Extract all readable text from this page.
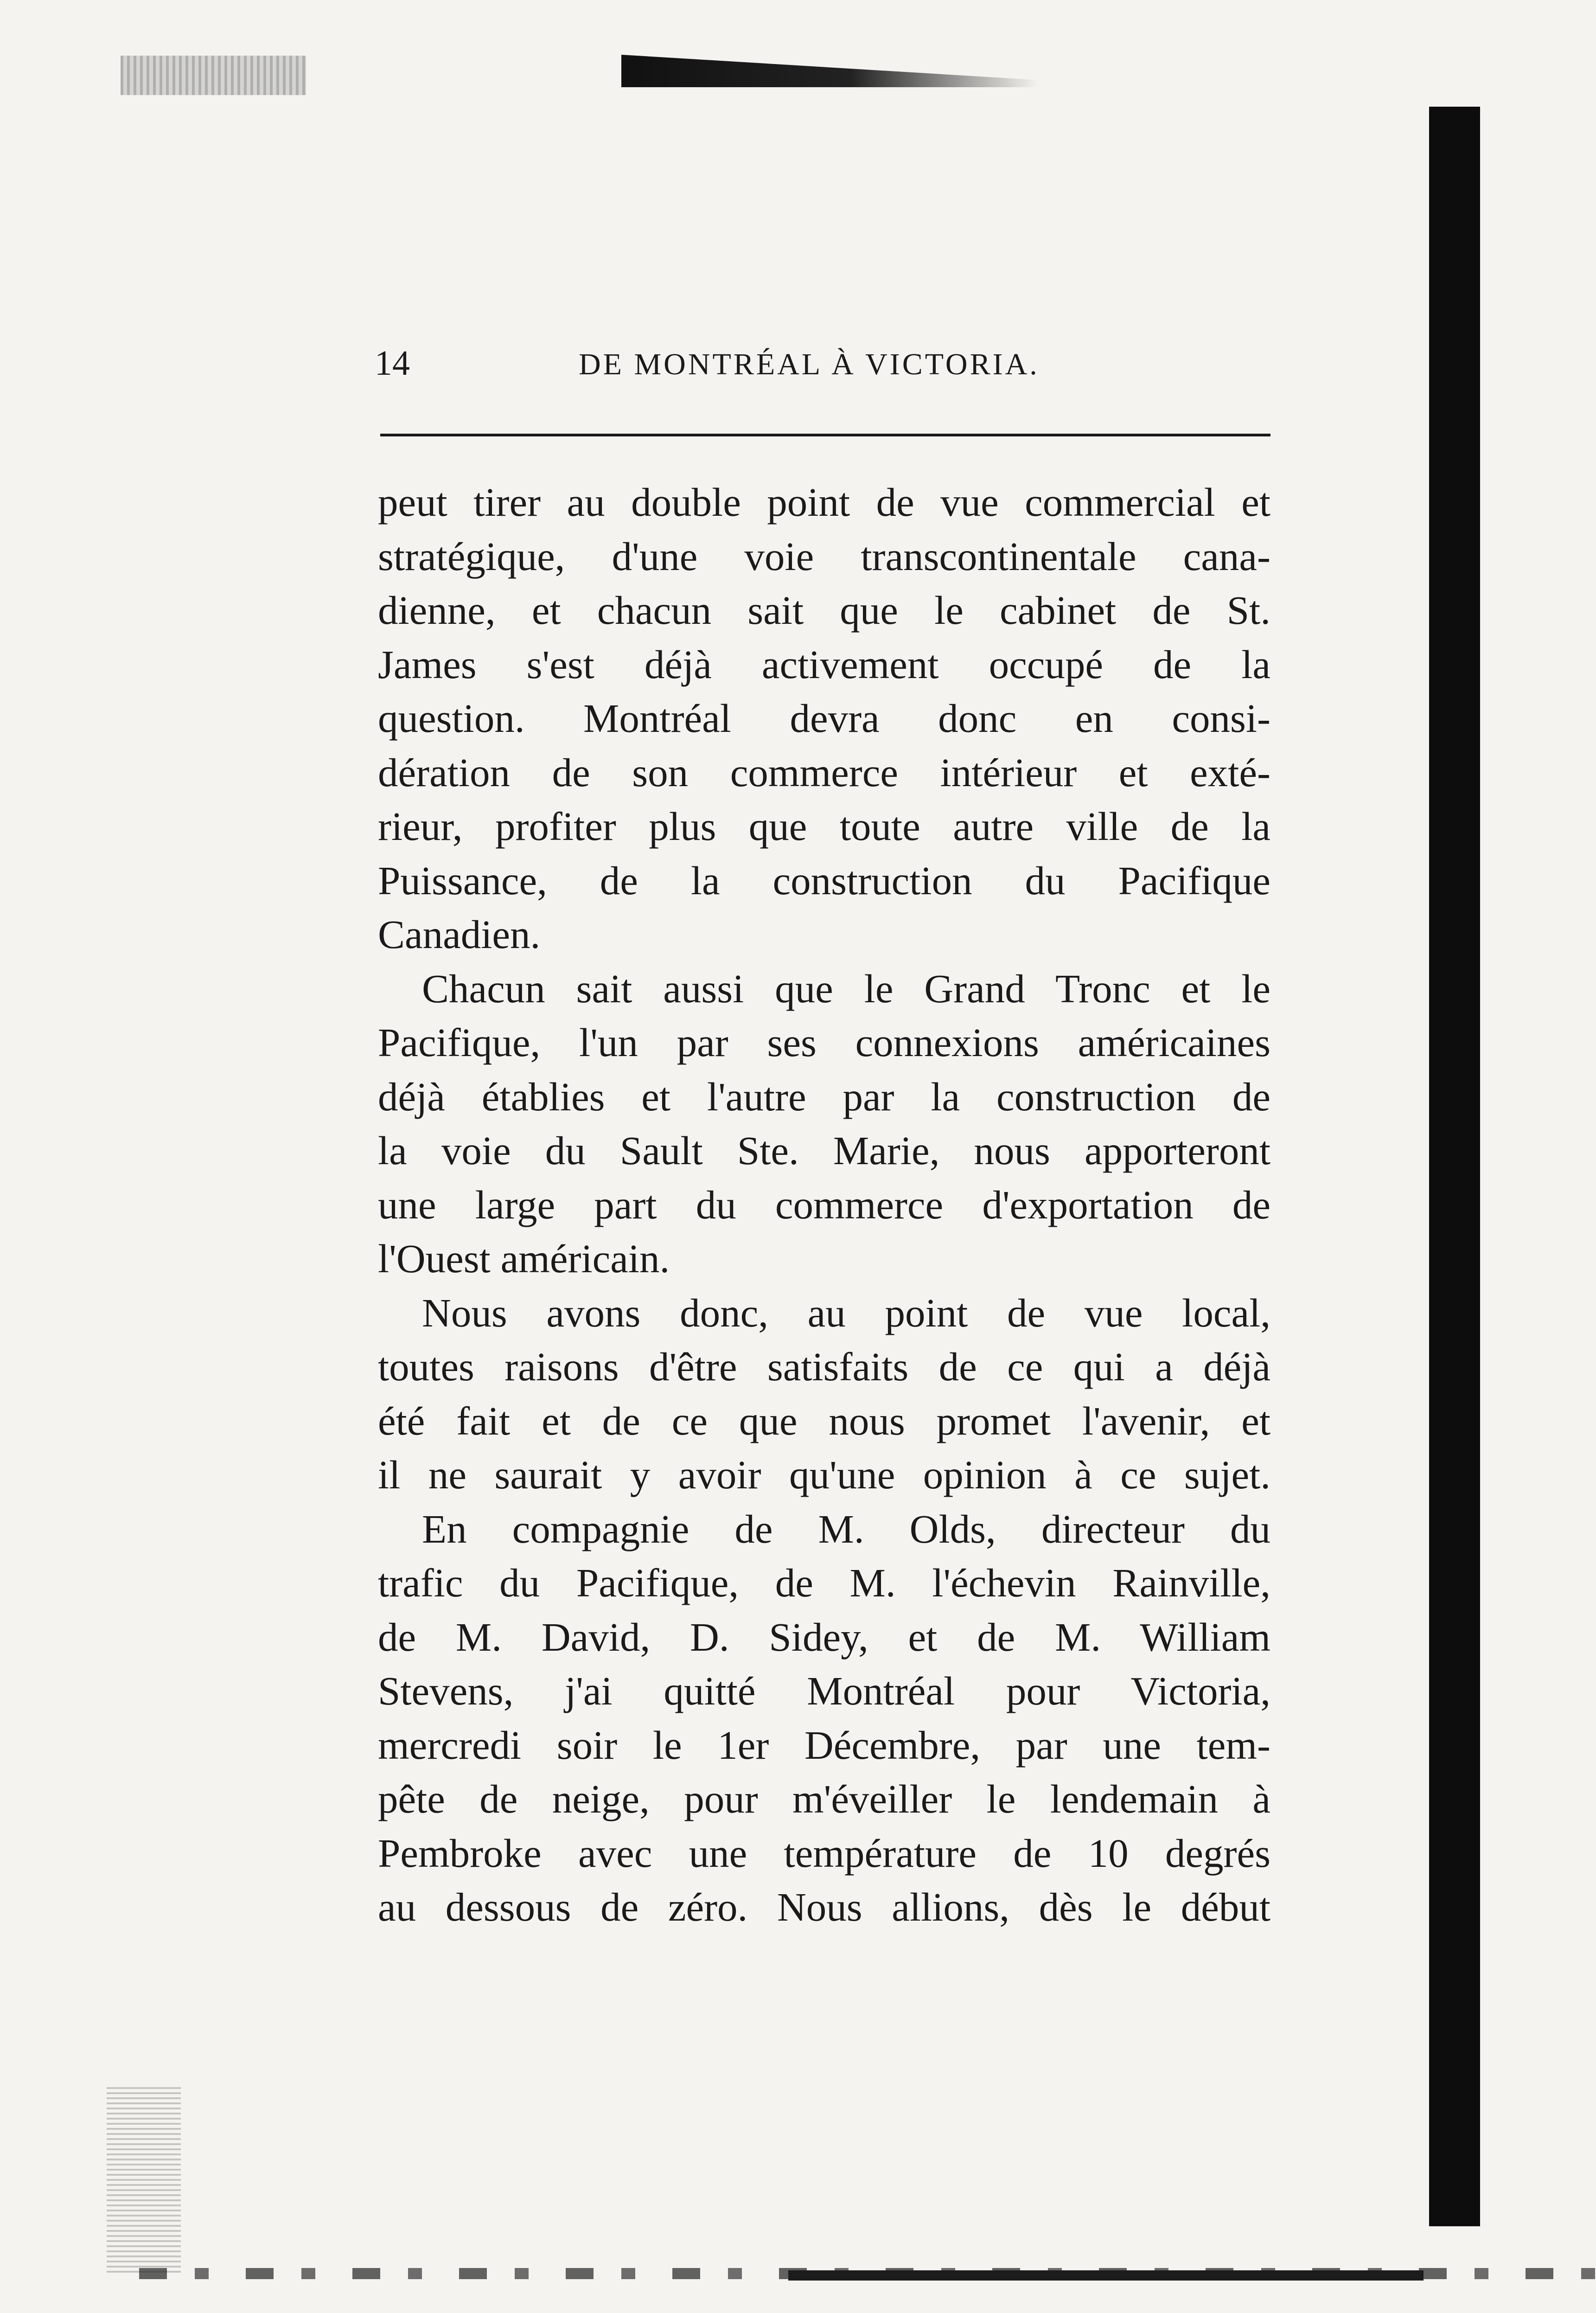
14	DE MONTRÉAL À VICTORIA.
peut tirer au double point de vue commercial et
stratégique, d'une voie transcontinentale cana-
dienne, et chacun sait que le cabinet de St.
James s'est déjà activement occupé de la
question. Montréal devra donc en consi-
dération de son commerce intérieur et exté-
rieur, profiter plus que toute autre ville de la
Puissance, de la construction du Pacifique
Canadien.
Chacun sait aussi que le Grand Tronc et le
Pacifique, l'un par ses connexions américaines
déjà établies et l'autre par la construction de
la voie du Sault Ste. Marie, nous apporteront
une large part du commerce d'exportation de
l'Ouest américain.
Nous avons donc, au point de vue local,
toutes raisons d'être satisfaits de ce qui a déjà
été fait et de ce que nous promet l'avenir, et
il ne saurait y avoir qu'une opinion à ce sujet.
En compagnie de M. Olds, directeur du
trafic du Pacifique, de M. l'échevin Rainville,
de M. David, D. Sidey, et de M. William
Stevens, j'ai quitté Montréal pour Victoria,
mercredi soir le 1er Décembre, par une tem-
pête de neige, pour m'éveiller le lendemain à
Pembroke avec une température de 10 degrés
au dessous de zéro. Nous allions, dès le début
